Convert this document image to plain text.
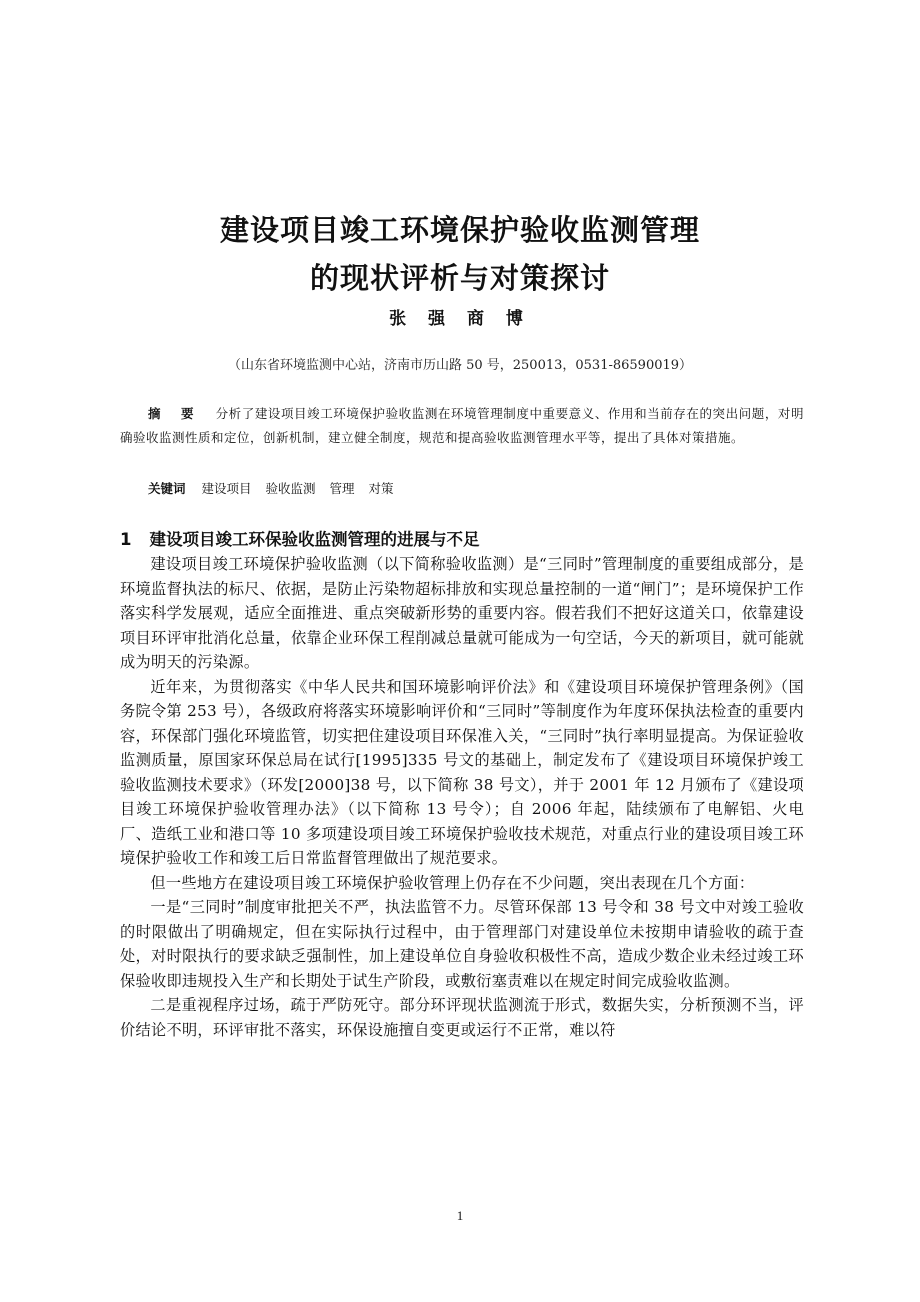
建设项目竣工环境保护验收监测管理
的现状评析与对策探讨
张 强 商 博
（山东省环境监测中心站，济南市历山路 50 号，250013，0531-86590019）
摘 要 分析了建设项目竣工环境保护验收监测在环境管理制度中重要意义、作用和当前存在的突出问题，对明确验收监测性质和定位，创新机制，建立健全制度，规范和提高验收监测管理水平等，提出了具体对策措施。
关键词 建设项目 验收监测 管理 对策
1 建设项目竣工环保验收监测管理的进展与不足

建设项目竣工环境保护验收监测（以下简称验收监测）是“三同时”管理制度的重要组成部分，是环境监督执法的标尺、依据，是防止污染物超标排放和实现总量控制的一道“闸门”；是环境保护工作落实科学发展观，适应全面推进、重点突破新形势的重要内容。假若我们不把好这道关口，依靠建设项目环评审批消化总量，依靠企业环保工程削减总量就可能成为一句空话，今天的新项目，就可能就成为明天的污染源。

近年来，为贯彻落实《中华人民共和国环境影响评价法》和《建设项目环境保护管理条例》（国务院令第 253 号），各级政府将落实环境影响评价和“三同时”等制度作为年度环保执法检查的重要内容，环保部门强化环境监管，切实把住建设项目环保准入关，“三同时”执行率明显提高。为保证验收监测质量，原国家环保总局在试行[1995]335 号文的基础上，制定发布了《建设项目环境保护竣工验收监测技术要求》（环发[2000]38 号，以下简称 38 号文），并于 2001 年 12 月颁布了《建设项目竣工环境保护验收管理办法》（以下简称 13 号令）；自 2006 年起，陆续颁布了电解铝、火电厂、造纸工业和港口等 10 多项建设项目竣工环境保护验收技术规范，对重点行业的建设项目竣工环境保护验收工作和竣工后日常监督管理做出了规范要求。

但一些地方在建设项目竣工环境保护验收管理上仍存在不少问题，突出表现在几个方面：

一是“三同时”制度审批把关不严，执法监管不力。尽管环保部 13 号令和 38 号文中对竣工验收的时限做出了明确规定，但在实际执行过程中，由于管理部门对建设单位未按期申请验收的疏于查处，对时限执行的要求缺乏强制性，加上建设单位自身验收积极性不高，造成少数企业未经过竣工环保验收即违规投入生产和长期处于试生产阶段，或敷衍塞责难以在规定时间完成验收监测。

二是重视程序过场，疏于严防死守。部分环评现状监测流于形式，数据失实，分析预测不当，评价结论不明，环评审批不落实，环保设施擅自变更或运行不正常，难以符

1
